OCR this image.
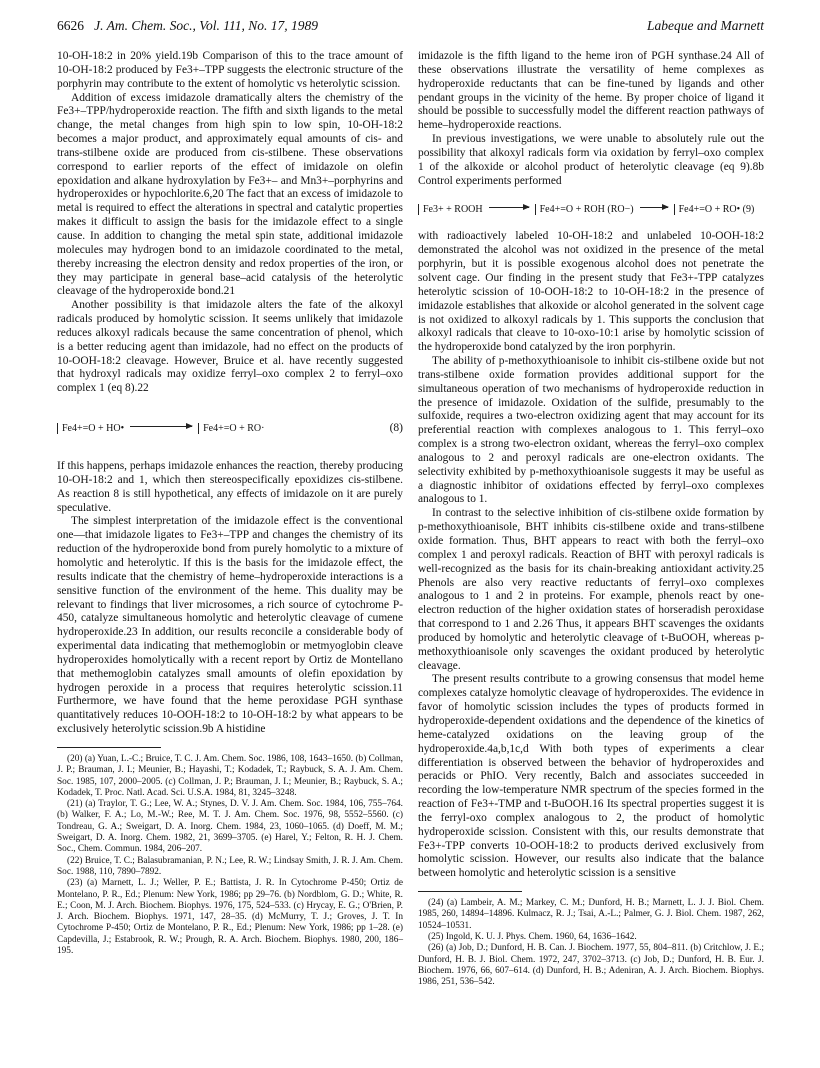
6626 J. Am. Chem. Soc., Vol. 111, No. 17, 1989	Labeque and Marnett

10-OH-18:2 in 20% yield.19b Comparison of this to the trace amount of 10-OH-18:2 produced by Fe3+–TPP suggests the electronic structure of the porphyrin may contribute to the extent of homolytic vs heterolytic scission.

Addition of excess imidazole dramatically alters the chemistry of the Fe3+–TPP/hydroperoxide reaction. The fifth and sixth ligands to the metal change, the metal changes from high spin to low spin, 10-OH-18:2 becomes a major product, and approximately equal amounts of cis- and trans-stilbene oxide are produced from cis-stilbene. These observations correspond to earlier reports of the effect of imidazole on olefin epoxidation and alkane hydroxylation by Fe3+– and Mn3+–porphyrins and hydroperoxides or hypochlorite.6,20 The fact that an excess of imidazole to metal is required to effect the alterations in spectral and catalytic properties makes it difficult to assign the basis for the imidazole effect to a single cause. In addition to changing the metal spin state, additional imidazole molecules may hydrogen bond to an imidazole coordinated to the metal, thereby increasing the electron density and redox properties of the iron, or they may participate in general base–acid catalysis of the heterolytic cleavage of the hydroperoxide bond.21

Another possibility is that imidazole alters the fate of the alkoxyl radicals produced by homolytic scission. It seems unlikely that imidazole reduces alkoxyl radicals because the same concentration of phenol, which is a better reducing agent than imidazole, had no effect on the products of 10-OOH-18:2 cleavage. However, Bruice et al. have recently suggested that hydroxyl radicals may oxidize ferryl–oxo complex 2 to ferryl–oxo complex 1 (eq 8).22

Fe4+=O + HO•	Fe4+=O + RO·	(8)

If this happens, perhaps imidazole enhances the reaction, thereby producing 10-OH-18:2 and 1, which then stereospecifically epoxidizes cis-stilbene. As reaction 8 is still hypothetical, any effects of imidazole on it are purely speculative.

The simplest interpretation of the imidazole effect is the conventional one—that imidazole ligates to Fe3+–TPP and changes the chemistry of its reduction of the hydroperoxide bond from purely homolytic to a mixture of homolytic and heterolytic. If this is the basis for the imidazole effect, the results indicate that the chemistry of heme–hydroperoxide interactions is a sensitive function of the environment of the heme. This duality may be relevant to findings that liver microsomes, a rich source of cytochrome P-450, catalyze simultaneous homolytic and heterolytic cleavage of cumene hydroperoxide.23 In addition, our results reconcile a considerable body of experimental data indicating that methemoglobin or metmyoglobin cleave hydroperoxides homolytically with a recent report by Ortiz de Montellano that methemoglobin catalyzes small amounts of olefin epoxidation by hydrogen peroxide in a process that requires heterolytic scission.11 Furthermore, we have found that the heme peroxidase PGH synthase quantitatively reduces 10-OOH-18:2 to 10-OH-18:2 by what appears to be exclusively heterolytic scission.9b A histidine

(20) (a) Yuan, L.-C.; Bruice, T. C. J. Am. Chem. Soc. 1986, 108, 1643–1650. (b) Collman, J. P.; Brauman, J. I.; Meunier, B.; Hayashi, T.; Kodadek, T.; Raybuck, S. A. J. Am. Chem. Soc. 1985, 107, 2000–2005. (c) Collman, J. P.; Brauman, J. I.; Meunier, B.; Raybuck, S. A.; Kodadek, T. Proc. Natl. Acad. Sci. U.S.A. 1984, 81, 3245–3248.

(21) (a) Traylor, T. G.; Lee, W. A.; Stynes, D. V. J. Am. Chem. Soc. 1984, 106, 755–764. (b) Walker, F. A.; Lo, M.-W.; Ree, M. T. J. Am. Chem. Soc. 1976, 98, 5552–5560. (c) Tondreau, G. A.; Sweigart, D. A. Inorg. Chem. 1984, 23, 1060–1065. (d) Doeff, M. M.; Sweigart, D. A. Inorg. Chem. 1982, 21, 3699–3705. (e) Harel, Y.; Felton, R. H. J. Chem. Soc., Chem. Commun. 1984, 206–207.

(22) Bruice, T. C.; Balasubramanian, P. N.; Lee, R. W.; Lindsay Smith, J. R. J. Am. Chem. Soc. 1988, 110, 7890–7892.

(23) (a) Marnett, L. J.; Weller, P. E.; Battista, J. R. In Cytochrome P-450; Ortiz de Montelano, P. R., Ed.; Plenum: New York, 1986; pp 29–76. (b) Nordblom, G. D.; White, R. E.; Coon, M. J. Arch. Biochem. Biophys. 1976, 175, 524–533. (c) Hrycay, E. G.; O'Brien, P. J. Arch. Biochem. Biophys. 1971, 147, 28–35. (d) McMurry, T. J.; Groves, J. T. In Cytochrome P-450; Ortiz de Montelano, P. R., Ed.; Plenum: New York, 1986; pp 1–28. (e) Capdevilla, J.; Estabrook, R. W.; Prough, R. A. Arch. Biochem. Biophys. 1980, 200, 186–195.

imidazole is the fifth ligand to the heme iron of PGH synthase.24 All of these observations illustrate the versatility of heme complexes as hydroperoxide reductants that can be fine-tuned by ligands and other pendant groups in the vicinity of the heme. By proper choice of ligand it should be possible to successfully model the different reaction pathways of heme–hydroperoxide reactions.

In previous investigations, we were unable to absolutely rule out the possibility that alkoxyl radicals form via oxidation by ferryl–oxo complex 1 of the alkoxide or alcohol product of heterolytic cleavage (eq 9).8b Control experiments performed

Fe3+ + ROOH →	Fe4+=O + ROH (RO−) →	Fe4+=O + RO• (9)

with radioactively labeled 10-OH-18:2 and unlabeled 10-OOH-18:2 demonstrated the alcohol was not oxidized in the presence of the metal porphyrin, but it is possible exogenous alcohol does not penetrate the solvent cage. Our finding in the present study that Fe3+-TPP catalyzes heterolytic scission of 10-OOH-18:2 to 10-OH-18:2 in the presence of imidazole establishes that alkoxide or alcohol generated in the solvent cage is not oxidized to alkoxyl radicals by 1. This supports the conclusion that alkoxyl radicals that cleave to 10-oxo-10:1 arise by homolytic scission of the hydroperoxide bond catalyzed by the iron porphyrin.

The ability of p-methoxythioanisole to inhibit cis-stilbene oxide but not trans-stilbene oxide formation provides additional support for the simultaneous operation of two mechanisms of hydroperoxide reduction in the presence of imidazole. Oxidation of the sulfide, presumably to the sulfoxide, requires a two-electron oxidizing agent that may account for its preferential reaction with complexes analogous to 1. This ferryl–oxo complex is a strong two-electron oxidant, whereas the ferryl–oxo complex analogous to 2 and peroxyl radicals are one-electron oxidants. The selectivity exhibited by p-methoxythioanisole suggests it may be useful as a diagnostic inhibitor of oxidations effected by ferryl–oxo complexes analogous to 1.

In contrast to the selective inhibition of cis-stilbene oxide formation by p-methoxythioanisole, BHT inhibits cis-stilbene oxide and trans-stilbene oxide formation. Thus, BHT appears to react with both the ferryl–oxo complex 1 and peroxyl radicals. Reaction of BHT with peroxyl radicals is well-recognized as the basis for its chain-breaking antioxidant activity.25 Phenols are also very reactive reductants of ferryl–oxo complexes analogous to 1 and 2 in proteins. For example, phenols react by one-electron reduction of the higher oxidation states of horseradish peroxidase that correspond to 1 and 2.26 Thus, it appears BHT scavenges the oxidants produced by homolytic and heterolytic cleavage of t-BuOOH, whereas p-methoxythioanisole only scavenges the oxidant produced by heterolytic cleavage.

The present results contribute to a growing consensus that model heme complexes catalyze homolytic cleavage of hydroperoxides. The evidence in favor of homolytic scission includes the types of products formed in hydroperoxide-dependent oxidations and the dependence of the kinetics of heme-catalyzed oxidations on the leaving group of the hydroperoxide.4a,b,1c,d With both types of experiments a clear differentiation is observed between the behavior of hydroperoxides and peracids or PhIO. Very recently, Balch and associates succeeded in recording the low-temperature NMR spectrum of the species formed in the reaction of Fe3+-TMP and t-BuOOH.16 Its spectral properties suggest it is the ferryl-oxo complex analogous to 2, the product of homolytic hydroperoxide scission. Consistent with this, our results demonstrate that Fe3+-TPP converts 10-OOH-18:2 to products derived exclusively from homolytic scission. However, our results also indicate that the balance between homolytic and heterolytic scission is a sensitive

(24) (a) Lambeir, A. M.; Markey, C. M.; Dunford, H. B.; Marnett, L. J. J. Biol. Chem. 1985, 260, 14894–14896. Kulmacz, R. J.; Tsai, A.-L.; Palmer, G. J. Biol. Chem. 1987, 262, 10524–10531.

(25) Ingold, K. U. J. Phys. Chem. 1960, 64, 1636–1642.

(26) (a) Job, D.; Dunford, H. B. Can. J. Biochem. 1977, 55, 804–811. (b) Critchlow, J. E.; Dunford, H. B. J. Biol. Chem. 1972, 247, 3702–3713. (c) Job, D.; Dunford, H. B. Eur. J. Biochem. 1976, 66, 607–614. (d) Dunford, H. B.; Adeniran, A. J. Arch. Biochem. Biophys. 1986, 251, 536–542.
